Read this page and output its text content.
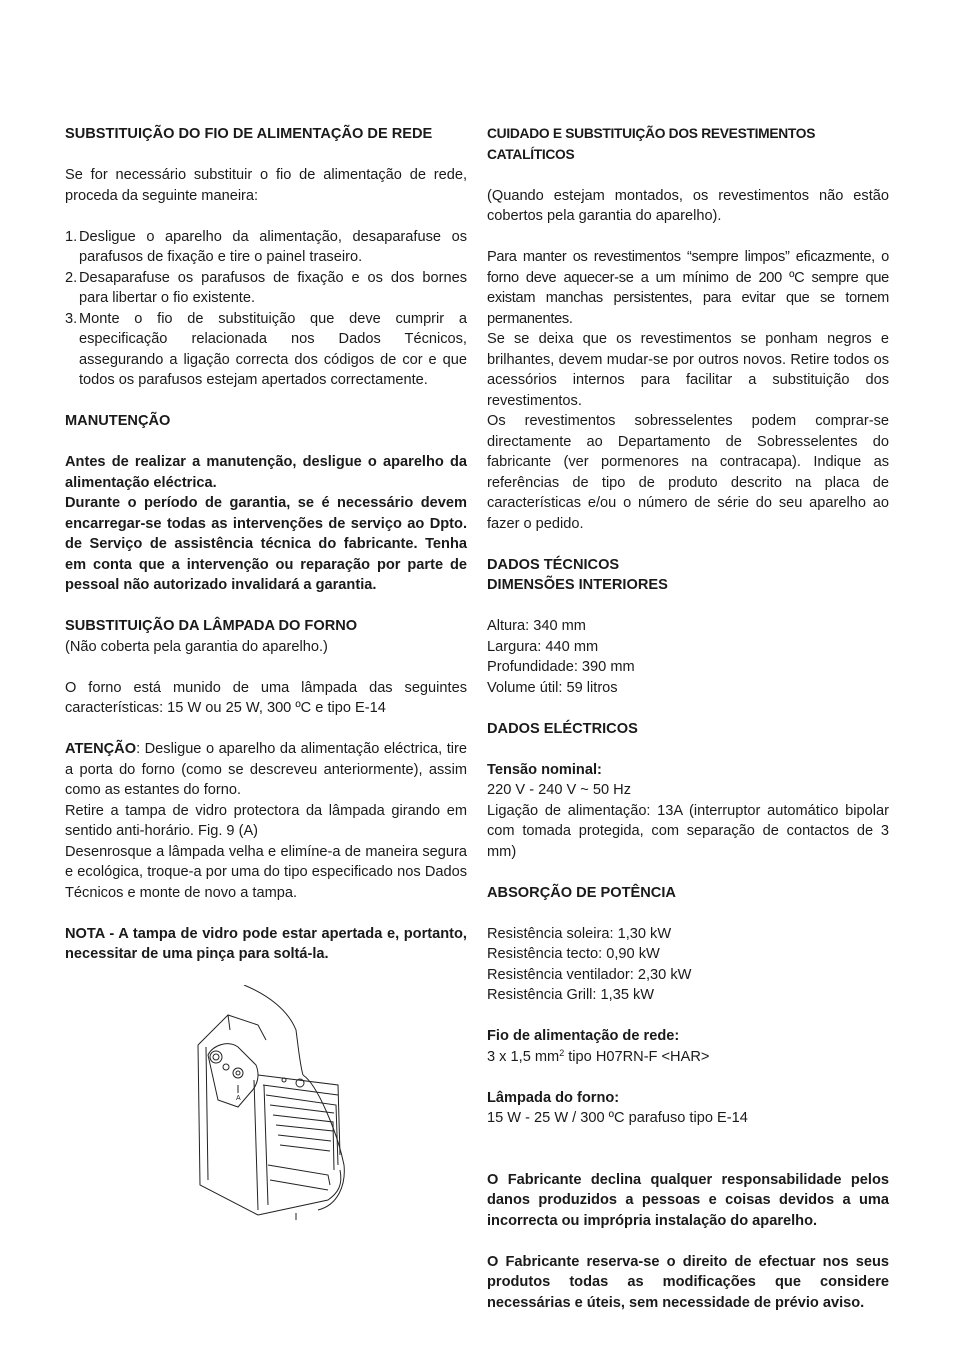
SUBSTITUIÇÃO DO FIO DE ALIMENTAÇÃO DE REDE

Se for necessário substituir o fio de alimentação de rede, proceda da seguinte maneira:

1. Desligue o aparelho da alimentação, desaparafuse os parafusos de fixação e tire o painel traseiro.
2. Desaparafuse os parafusos de fixação e os dos bornes para libertar o fio existente.
3. Monte o fio de substituição que deve cumprir a especificação relacionada nos Dados Técnicos, assegurando a ligação correcta dos códigos de cor e que todos os parafusos estejam apertados correctamente.

MANUTENÇÃO

Antes de realizar a manutenção, desligue o aparelho da alimentação eléctrica.

Durante o período de garantia, se é necessário devem encarregar-se todas as intervenções de serviço ao Dpto. de Serviço de assistência técnica do fabricante. Tenha em conta que a intervenção ou reparação por parte de pessoal não autorizado invalidará a garantia.

SUBSTITUIÇÃO DA LÂMPADA DO FORNO

(Não coberta pela garantia do aparelho.)

O forno está munido de uma lâmpada das seguintes características: 15 W ou 25 W, 300 ºC e tipo E-14

ATENÇÃO: Desligue o aparelho da alimentação eléctrica, tire a porta do forno (como se descreveu anteriormente), assim como as estantes do forno.

Retire a tampa de vidro protectora da lâmpada girando em sentido anti-horário. Fig. 9 (A)

Desenrosque a lâmpada velha e elimíne-a de maneira segura e ecológica, troque-a por uma do tipo especificado nos Dados Técnicos e monte de novo a tampa.

NOTA - A tampa de vidro pode estar apertada e, portanto, necessitar de uma pinça para soltá-la.

A

CUIDADO E SUBSTITUIÇÃO DOS REVESTIMENTOS CATALÍTICOS

(Quando estejam montados, os revestimentos não estão cobertos pela garantia do aparelho).

Para manter os revestimentos “sempre limpos” eficazmente, o forno deve aquecer-se a um mínimo de 200 ºC sempre que existam manchas persistentes, para evitar que se tornem permanentes.

Se se deixa que os revestimentos se ponham negros e brilhantes, devem mudar-se por outros novos. Retire todos os acessórios internos para facilitar a substituição dos revestimentos.

Os revestimentos sobresselentes podem comprar-se directamente ao Departamento de Sobresselentes do fabricante (ver pormenores na contracapa). Indique as referências de tipo de produto descrito na placa de características e/ou o número de série do seu aparelho ao fazer o pedido.

DADOS TÉCNICOS

DIMENSÕES INTERIORES

Altura: 340 mm

Largura: 440 mm

Profundidade: 390 mm

Volume útil: 59 litros

DADOS ELÉCTRICOS

Tensão nominal:

220 V - 240 V ~ 50 Hz

Ligação de alimentação: 13A (interruptor automático bipolar com tomada protegida, com separação de contactos de 3 mm)

ABSORÇÃO DE POTÊNCIA

Resistência soleira: 1,30 kW

Resistência tecto: 0,90 kW

Resistência ventilador: 2,30 kW

Resistência Grill: 1,35 kW

Fio de alimentação de rede:

3 x 1,5 $mm^2$ tipo H07RN-F <HAR>

Lâmpada do forno:

15 W - 25 W / 300 ºC parafuso tipo E-14

O Fabricante declina qualquer responsabilidade pelos danos produzidos a pessoas e coisas devidos a uma incorrecta ou imprópria instalação do aparelho.

O Fabricante reserva-se o direito de efectuar nos seus produtos todas as modificações que considere necessárias e úteis, sem necessidade de prévio aviso.
